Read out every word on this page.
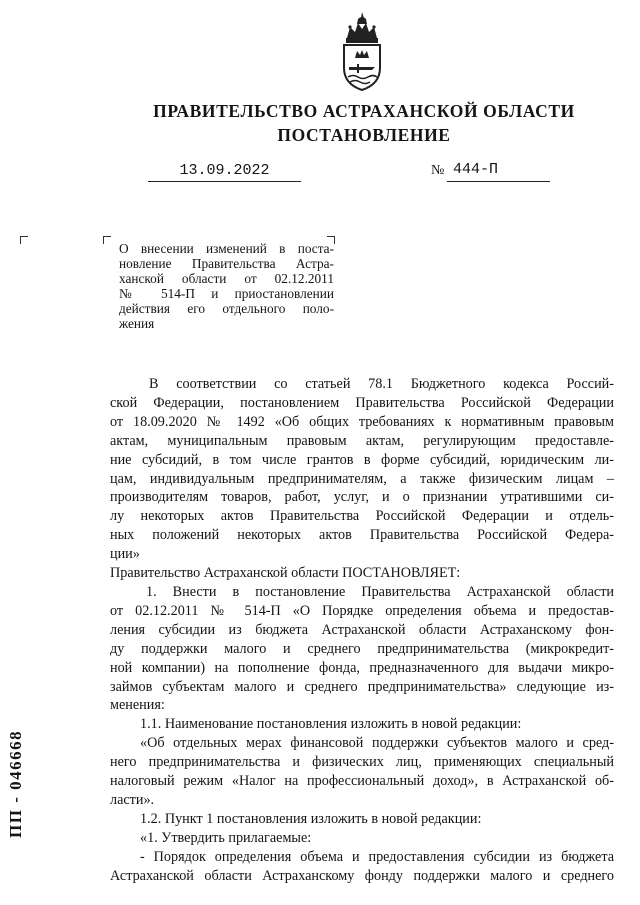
ПРАВИТЕЛЬСТВО АСТРАХАНСКОЙ ОБЛАСТИ
ПОСТАНОВЛЕНИЕ
13.09.2022	№ 444-П
О внесении изменений в поста-
новление Правительства Астра-
ханской области от 02.12.2011
№ 514-П и приостановлении
действия его отдельного поло-
жения
В соответствии со статьей 78.1 Бюджетного кодекса Россий-
ской Федерации, постановлением Правительства Российской Федерации
от 18.09.2020 № 1492 «Об общих требованиях к нормативным правовым
актам, муниципальным правовым актам, регулирующим предоставле-
ние субсидий, в том числе грантов в форме субсидий, юридическим ли-
цам, индивидуальным предпринимателям, а также физическим лицам –
производителям товаров, работ, услуг, и о признании утратившими си-
лу некоторых актов Правительства Российской Федерации и отдель-
ных положений некоторых актов Правительства Российской Федера-
ции»
Правительство Астраханской области ПОСТАНОВЛЯЕТ:
1. Внести в постановление Правительства Астраханской области
от 02.12.2011 № 514-П «О Порядке определения объема и предостав-
ления субсидии из бюджета Астраханской области Астраханскому фон-
ду поддержки малого и среднего предпринимательства (микрокредит-
ной компании) на пополнение фонда, предназначенного для выдачи микро-
займов субъектам малого и среднего предпринимательства» следующие из-
менения:
1.1. Наименование постановления изложить в новой редакции:
«Об отдельных мерах финансовой поддержки субъектов малого и сред-
него предпринимательства и физических лиц, применяющих специальный
налоговый режим «Налог на профессиональный доход», в Астраханской об-
ласти».
1.2. Пункт 1 постановления изложить в новой редакции:
«1. Утвердить прилагаемые:
- Порядок определения объема и предоставления субсидии из бюджета
Астраханской области Астраханскому фонду поддержки малого и среднего
ПП - 046668
